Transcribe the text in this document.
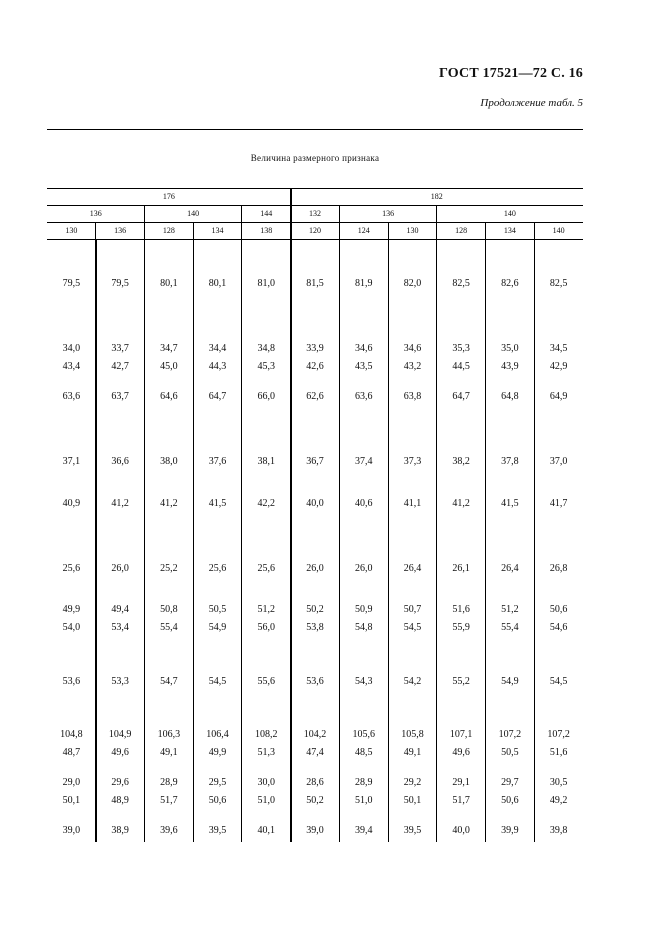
ГОСТ 17521—72 С. 16
Продолжение табл. 5
Величина размерного признака
176	182
136	140	144	132	136	140
130	136	128	134	138	120	124	130	128	134	140
79,5	79,5	80,1	80,1	81,0	81,5	81,9	82,0	82,5	82,6	82,5
34,0	33,7	34,7	34,4	34,8	33,9	34,6	34,6	35,3	35,0	34,5
43,4	42,7	45,0	44,3	45,3	42,6	43,5	43,2	44,5	43,9	42,9
63,6	63,7	64,6	64,7	66,0	62,6	63,6	63,8	64,7	64,8	64,9
37,1	36,6	38,0	37,6	38,1	36,7	37,4	37,3	38,2	37,8	37,0
40,9	41,2	41,2	41,5	42,2	40,0	40,6	41,1	41,2	41,5	41,7
25,6	26,0	25,2	25,6	25,6	26,0	26,0	26,4	26,1	26,4	26,8
49,9	49,4	50,8	50,5	51,2	50,2	50,9	50,7	51,6	51,2	50,6
54,0	53,4	55,4	54,9	56,0	53,8	54,8	54,5	55,9	55,4	54,6
53,6	53,3	54,7	54,5	55,6	53,6	54,3	54,2	55,2	54,9	54,5
104,8	104,9	106,3	106,4	108,2	104,2	105,6	105,8	107,1	107,2	107,2
48,7	49,6	49,1	49,9	51,3	47,4	48,5	49,1	49,6	50,5	51,6
29,0	29,6	28,9	29,5	30,0	28,6	28,9	29,2	29,1	29,7	30,5
50,1	48,9	51,7	50,6	51,0	50,2	51,0	50,1	51,7	50,6	49,2
39,0	38,9	39,6	39,5	40,1	39,0	39,4	39,5	40,0	39,9	39,8
